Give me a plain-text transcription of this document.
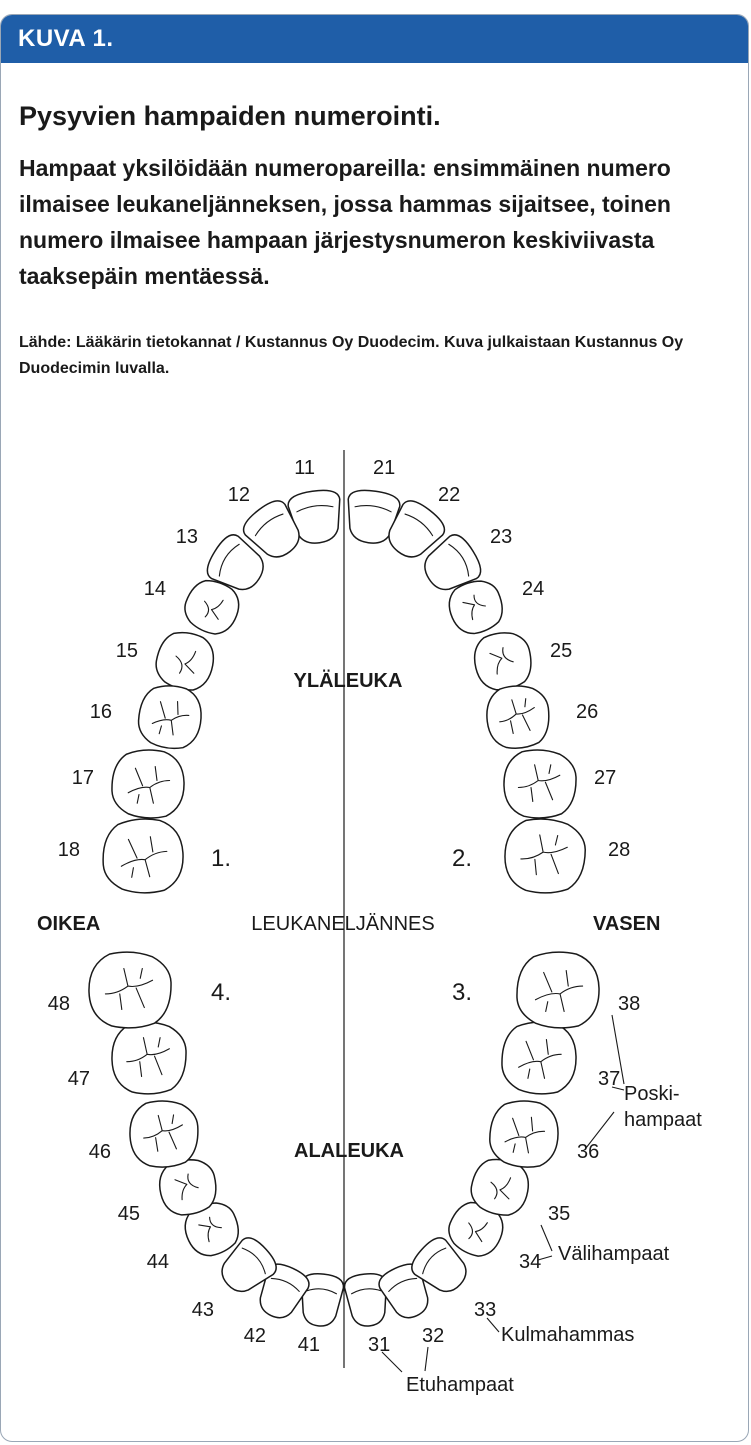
KUVA 1.
Pysyvien hampaiden numerointi.

Hampaat yksilöidään numeropareilla: ensimmäinen numero ilmaisee leukaneljänneksen, jossa hammas sijaitsee, toinen numero ilmaisee hampaan järjestysnumeron keskiviivasta taaksepäin mentäessä.

Lähde: Lääkärin tietokannat / Kustannus Oy Duodecim. Kuva julkaistaan Kustannus Oy Duodecimin luvalla.

11
12
13
14
15
16
17
18
21
22
23
24
25
26
27
28
31 32
33
34
35
36
37
38
41
42
43
44
45
46
47
48
YLÄLEUKA
ALALEUKA
OIKEA	VASEN
LEUKANELJÄNNES
1.	2.
3.
4.
Poski-
hampaat
Välihampaat
Kulmahammas
Etuhampaat
